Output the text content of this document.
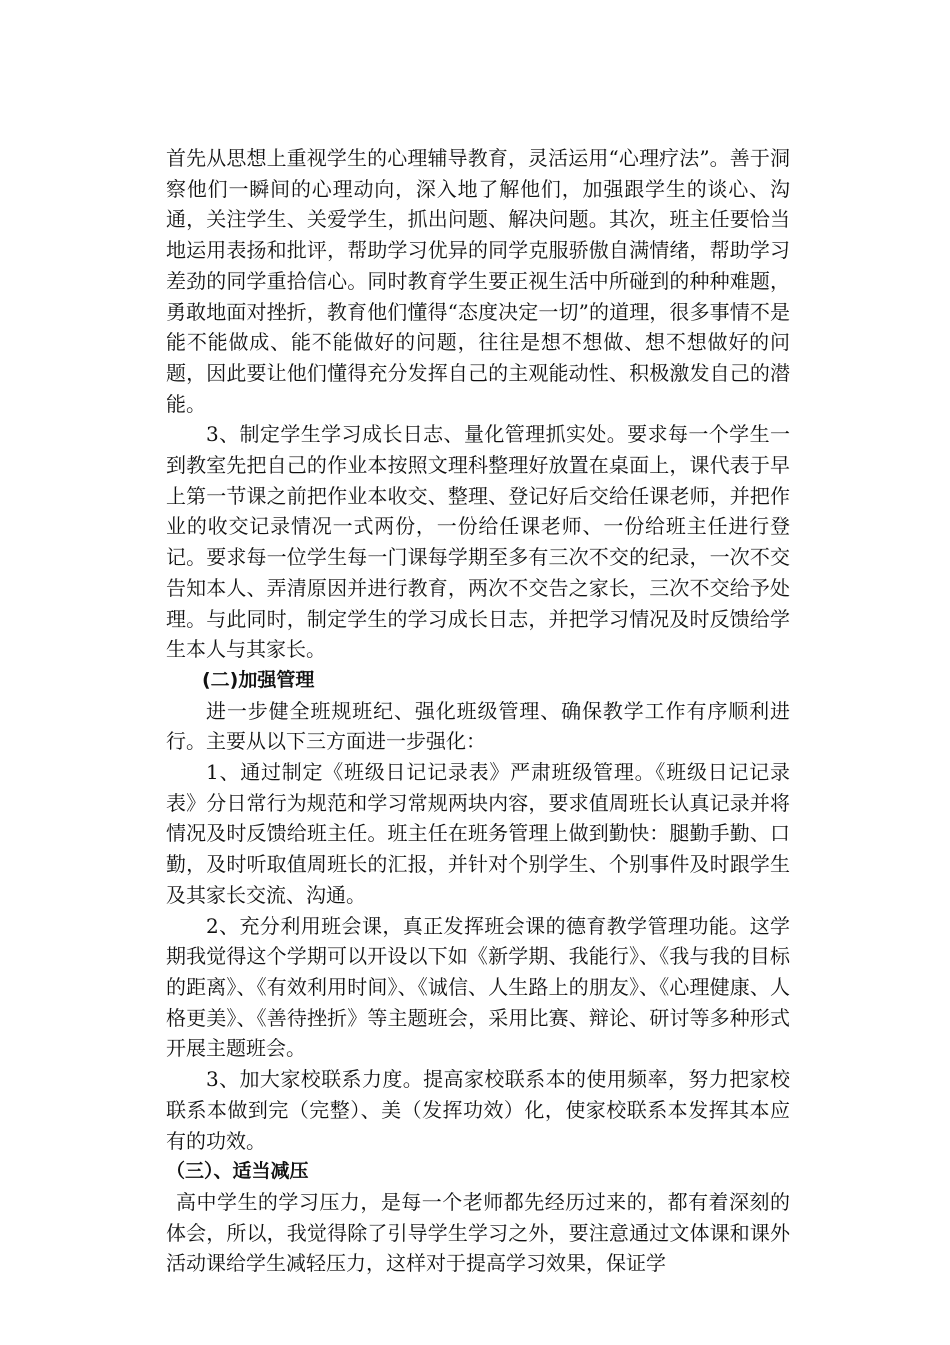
首先从思想上重视学生的心理辅导教育，灵活运用“心理疗法”。善于洞察他们一瞬间的心理动向，深入地了解他们，加强跟学生的谈心、沟通，关注学生、关爱学生，抓出问题、解决问题。其次，班主任要恰当地运用表扬和批评，帮助学习优异的同学克服骄傲自满情绪，帮助学习差劲的同学重拾信心。同时教育学生要正视生活中所碰到的种种难题，勇敢地面对挫折，教育他们懂得“态度决定一切”的道理，很多事情不是能不能做成、能不能做好的问题，往往是想不想做、想不想做好的问题，因此要让他们懂得充分发挥自己的主观能动性、积极激发自己的潜能。

3、制定学生学习成长日志、量化管理抓实处。要求每一个学生一到教室先把自己的作业本按照文理科整理好放置在桌面上，课代表于早上第一节课之前把作业本收交、整理、登记好后交给任课老师，并把作业的收交记录情况一式两份，一份给任课老师、一份给班主任进行登记。要求每一位学生每一门课每学期至多有三次不交的纪录，一次不交告知本人、弄清原因并进行教育，两次不交告之家长，三次不交给予处理。与此同时，制定学生的学习成长日志，并把学习情况及时反馈给学生本人与其家长。

(二)加强管理

进一步健全班规班纪、强化班级管理、确保教学工作有序顺利进行。主要从以下三方面进一步强化：

1、通过制定《班级日记记录表》严肃班级管理。《班级日记记录表》分日常行为规范和学习常规两块内容，要求值周班长认真记录并将情况及时反馈给班主任。班主任在班务管理上做到勤快：腿勤手勤、口勤，及时听取值周班长的汇报，并针对个别学生、个别事件及时跟学生及其家长交流、沟通。

2、充分利用班会课，真正发挥班会课的德育教学管理功能。这学期我觉得这个学期可以开设以下如《新学期、我能行》、《我与我的目标的距离》、《有效利用时间》、《诚信、人生路上的朋友》、《心理健康、人格更美》、《善待挫折》等主题班会，采用比赛、辩论、研讨等多种形式开展主题班会。

3、加大家校联系力度。提高家校联系本的使用频率，努力把家校联系本做到完（完整）、美（发挥功效）化，使家校联系本发挥其本应有的功效。

（三）、适当减压

高中学生的学习压力，是每一个老师都先经历过来的，都有着深刻的体会，所以，我觉得除了引导学生学习之外，要注意通过文体课和课外活动课给学生减轻压力，这样对于提高学习效果，保证学
